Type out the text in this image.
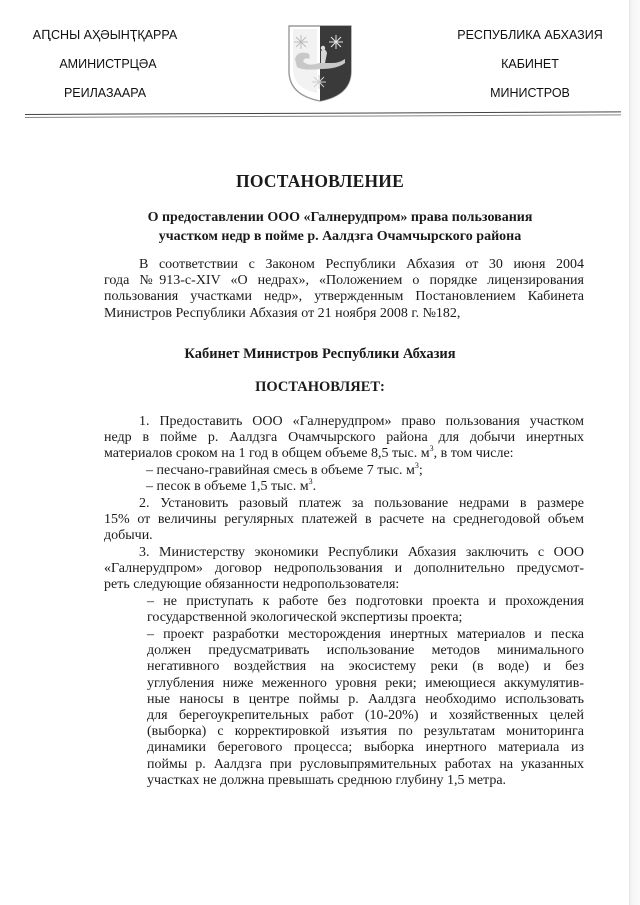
АԤСНЫ АҲӘЫНҬҚАРРА
АМИНИСТРЦӘА
РЕИЛАЗААРА
РЕСПУБЛИКА АБХАЗИЯ
КАБИНЕТ
МИНИСТРОВ
ПОСТАНОВЛЕНИЕ
О предоставлении ООО «Галнерудпром» права пользования
участком недр в пойме р. Аалдзга Очамчырского района
В соответствии с Законом Республики Абхазия от 30 июня 2004
года №913-с-XIV «О недрах», «Положением о порядке лицензирования
пользования участками недр», утвержденным Постановлением Кабинета
Министров Республики Абхазия от 21 ноября 2008 г. №182,
Кабинет Министров Республики Абхазия
ПОСТАНОВЛЯЕТ:
1. Предоставить ООО «Галнерудпром» право пользования участком
недр в пойме р. Аалдзга Очамчырского района для добычи инертных
материалов сроком на 1 год в общем объеме 8,5 тыс. $м^3$, в том числе:
– песчано-гравийная смесь в объеме 7 тыс. $м^3$;
– песок в объеме 1,5 тыс. $м^3$.
2. Установить разовый платеж за пользование недрами в размере
15% от величины регулярных платежей в расчете на среднегодовой объем
добычи.
3. Министерству экономики Республики Абхазия заключить с ООО
«Галнерудпром» договор недропользования и дополнительно предусмот-
реть следующие обязанности недропользователя:
– не приступать к работе без подготовки проекта и прохождения
государственной экологической экспертизы проекта;
– проект разработки месторождения инертных материалов и песка
должен предусматривать использование методов минимального
негативного воздействия на экосистему реки (в воде) и без
углубления ниже меженного уровня реки; имеющиеся аккумулятив-
ные наносы в центре поймы р. Аалдзга необходимо использовать
для берегоукрепительных работ (10-20%) и хозяйственных целей
(выборка) с корректировкой изъятия по результатам мониторинга
динамики берегового процесса; выборка инертного материала из
поймы р. Аалдзга при русловыпрямительных работах на указанных
участках не должна превышать среднюю глубину 1,5 метра.
